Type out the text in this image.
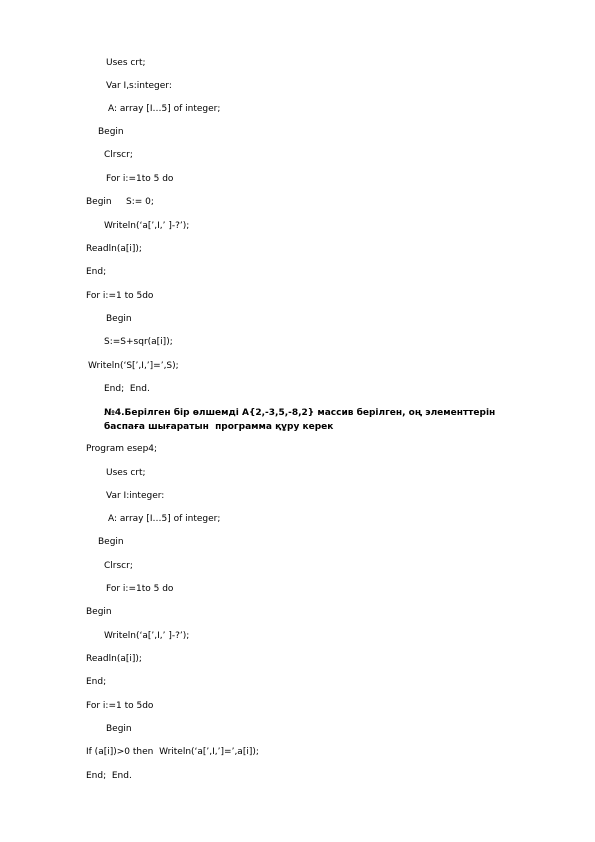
Uses crt;
Var I,s:integer:
A: array [I…5] of integer;
Begin
Clrscr;
For i:=1to 5 do
Begin S:= 0;
Writeln(‘a[’,I,’ ]-?’);
Readln(a[i]);
End;
For i:=1 to 5do
Begin
S:=S+sqr(a[i]);
Writeln(‘S[’,I,’]=’,S);
End;  End.
№4.Берілген бір өлшемді А{2,-3,5,-8,2} массив берілген, оң элементтерін
баспаға шығаратын  программа құру керек
Program esep4;
Uses crt;
Var I:integer:
A: array [I…5] of integer;
Begin
Clrscr;
For i:=1to 5 do
Begin
Writeln(‘a[’,I,’ ]-?’);
Readln(a[i]);
End;
For i:=1 to 5do
Begin
If (a[i])>0 then  Writeln(‘a[’,I,’]=’,a[i]);
End;  End.
